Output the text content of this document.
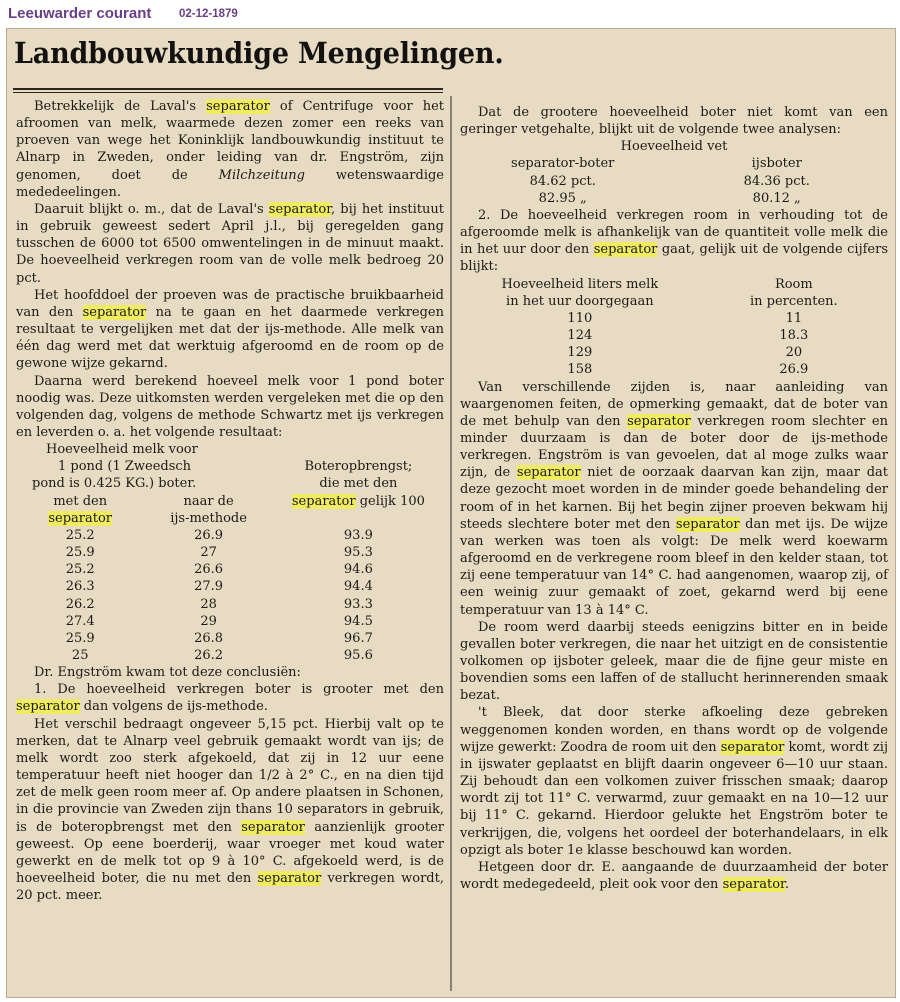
Leeuwarder courant 02-12-1879
Landbouwkundige Mengelingen.

Betrekkelijk de Laval's separator of Centrifuge voor het afroomen van melk, waarmede dezen zomer een reeks van proeven van wege het Koninklijk landbouwkundig instituut te Alnarp in Zweden, onder leiding van dr. Engström, zijn genomen, doet de Milchzeitung wetenswaardige mededeelingen.

Daaruit blijkt o. m., dat de Laval's separator, bij het instituut in gebruik geweest sedert April j.l., bij geregelden gang tusschen de 6000 tot 6500 omwentelingen in de minuut maakt. De hoeveelheid verkregen room van de volle melk bedroeg 20 pct.

Het hoofddoel der proeven was de practische bruikbaarheid van den separator na te gaan en het daarmede verkregen resultaat te vergelijken met dat der ijs-methode. Alle melk van één dag werd met dat werktuig afgeroomd en de room op de gewone wijze gekarnd.

Daarna werd berekend hoeveel melk voor 1 pond boter noodig was. Deze uitkomsten werden vergeleken met die op den volgenden dag, volgens de methode Schwartz met ijs verkregen en leverden o. a. het volgende resultaat:

Hoeveelheid melk voor		
1 pond (1 Zweedsch		Boteropbrengst;
pond is 0.425 KG.) boter.		die met den
met den	naar de	separator gelijk 100
separator	ijs-methode	
25.2	26.9	93.9
25.9	27	95.3
25.2	26.6	94.6
26.3	27.9	94.4
26.2	28	93.3
27.4	29	94.5
25.9	26.8	96.7
25	26.2	95.6

Dr. Engström kwam tot deze conclusiën:

1. De hoeveelheid verkregen boter is grooter met den separator dan volgens de ijs-methode.

Het verschil bedraagt ongeveer 5,15 pct. Hierbij valt op te merken, dat te Alnarp veel gebruik gemaakt wordt van ijs; de melk wordt zoo sterk afgekoeld, dat zij in 12 uur eene temperatuur heeft niet hooger dan 1/2 à 2° C., en na dien tijd zet de melk geen room meer af. Op andere plaatsen in Schonen, in die provincie van Zweden zijn thans 10 separators in gebruik, is de boteropbrengst met den separator aanzienlijk grooter geweest. Op eene boerderij, waar vroeger met koud water gewerkt en de melk tot op 9 à 10° C. afgekoeld werd, is de hoeveelheid boter, die nu met den separator verkregen wordt, 20 pct. meer.

Dat de grootere hoeveelheid boter niet komt van een geringer vetgehalte, blijkt uit de volgende twee analysen:

Hoeveelheid vet	
separator-boter	ijsboter
84.62 pct.	84.36 pct.
82.95 „	80.12 „

2. De hoeveelheid verkregen room in verhouding tot de afgeroomde melk is afhankelijk van de quantiteit volle melk die in het uur door den separator gaat, gelijk uit de volgende cijfers blijkt:

Hoeveelheid liters melk	Room
in het uur doorgegaan	in percenten.
110	11
124	18.3
129	20
158	26.9

Van verschillende zijden is, naar aanleiding van waargenomen feiten, de opmerking gemaakt, dat de boter van de met behulp van den separator verkregen room slechter en minder duurzaam is dan de boter door de ijs-methode verkregen. Engström is van gevoelen, dat al moge zulks waar zijn, de separator niet de oorzaak daarvan kan zijn, maar dat deze gezocht moet worden in de minder goede behandeling der room of in het karnen. Bij het begin zijner proeven bekwam hij steeds slechtere boter met den separator dan met ijs. De wijze van werken was toen als volgt: De melk werd koewarm afgeroomd en de verkregene room bleef in den kelder staan, tot zij eene temperatuur van 14° C. had aangenomen, waarop zij, of een weinig zuur gemaakt of zoet, gekarnd werd bij eene temperatuur van 13 à 14° C.

De room werd daarbij steeds eenigzins bitter en in beide gevallen boter verkregen, die naar het uitzigt en de consistentie volkomen op ijsboter geleek, maar die de fijne geur miste en bovendien soms een laffen of de stallucht herinnerenden smaak bezat.

't Bleek, dat door sterke afkoeling deze gebreken weggenomen konden worden, en thans wordt op de volgende wijze gewerkt: Zoodra de room uit den separator komt, wordt zij in ijswater geplaatst en blijft daarin ongeveer 6—10 uur staan. Zij behoudt dan een volkomen zuiver frisschen smaak; daarop wordt zij tot 11° C. verwarmd, zuur gemaakt en na 10—12 uur bij 11° C. gekarnd. Hierdoor gelukte het Engström boter te verkrijgen, die, volgens het oordeel der boterhandelaars, in elk opzigt als boter 1e klasse beschouwd kan worden.

Hetgeen door dr. E. aangaande de duurzaamheid der boter wordt medegedeeld, pleit ook voor den separator.
